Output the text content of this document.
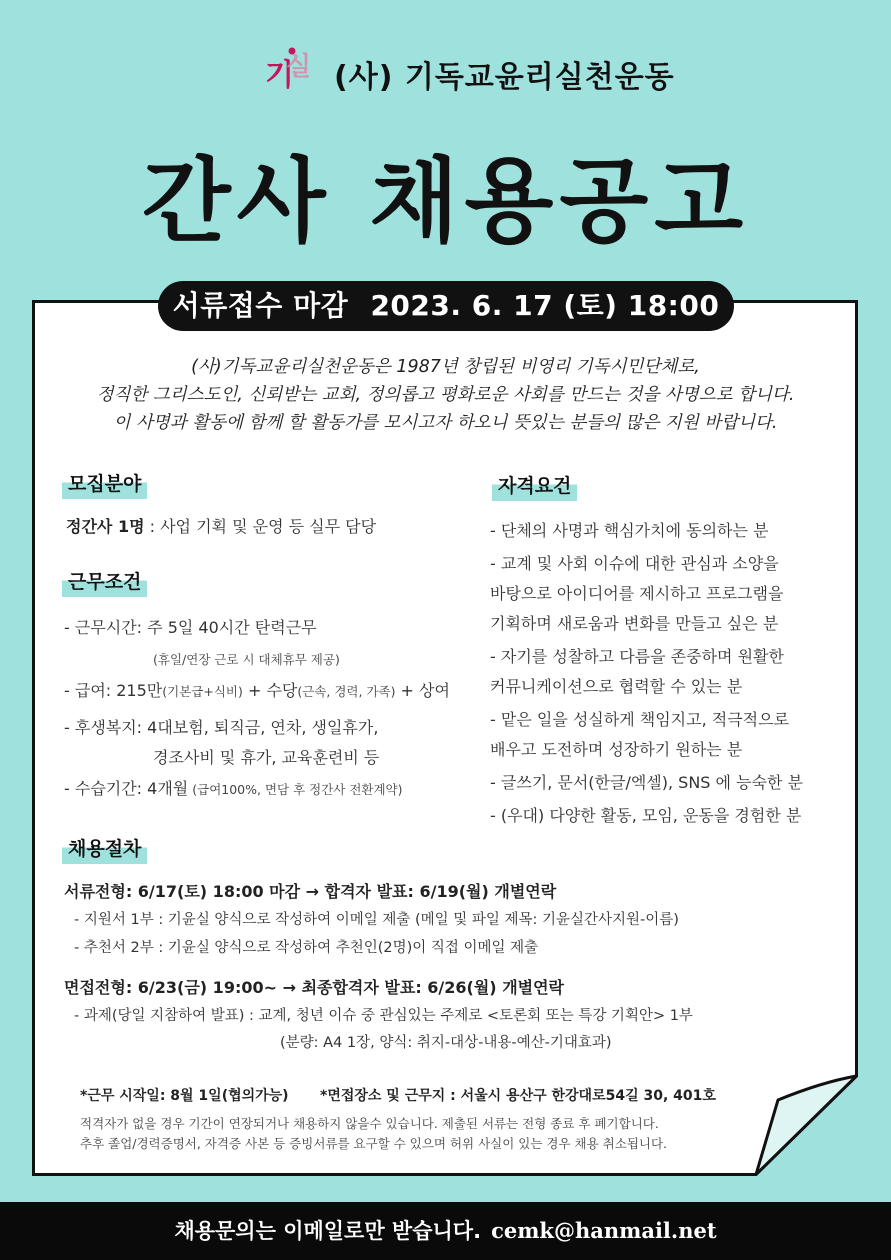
기
실 (사) 기독교윤리실천운동
간사 채용공고
서류접수 마감 2023. 6. 17 (토) 18:00
(사)기독교윤리실천운동은 1987년 창립된 비영리 기독시민단체로,
정직한 그리스도인, 신뢰받는 교회, 정의롭고 평화로운 사회를 만드는 것을 사명으로 합니다.
이 사명과 활동에 함께 할 활동가를 모시고자 하오니 뜻있는 분들의 많은 지원 바랍니다.
모집분야
정간사 1명 : 사업 기획 및 운영 등 실무 담당
근무조건
- 근무시간: 주 5일 40시간 탄력근무
(휴일/연장 근로 시 대체휴무 제공)
- 급여: 215만(기본급+식비) + 수당(근속, 경력, 가족) + 상여
- 후생복지: 4대보험, 퇴직금, 연차, 생일휴가,
경조사비 및 휴가, 교육훈련비 등
- 수습기간: 4개월 (급여100%, 면담 후 정간사 전환계약)
자격요건
- 단체의 사명과 핵심가치에 동의하는 분
- 교계 및 사회 이슈에 대한 관심과 소양을
바탕으로 아이디어를 제시하고 프로그램을
기획하며 새로움과 변화를 만들고 싶은 분
- 자기를 성찰하고 다름을 존중하며 원활한
커뮤니케이션으로 협력할 수 있는 분
- 맡은 일을 성실하게 책임지고, 적극적으로
배우고 도전하며 성장하기 원하는 분
- 글쓰기, 문서(한글/엑셀), SNS 에 능숙한 분
- (우대) 다양한 활동, 모임, 운동을 경험한 분
채용절차
서류전형: 6/17(토) 18:00 마감 → 합격자 발표: 6/19(월) 개별연락
- 지원서 1부 : 기윤실 양식으로 작성하여 이메일 제출 (메일 및 파일 제목: 기윤실간사지원-이름)
- 추천서 2부 : 기윤실 양식으로 작성하여 추천인(2명)이 직접 이메일 제출
면접전형: 6/23(금) 19:00~ → 최종합격자 발표: 6/26(월) 개별연락
- 과제(당일 지참하여 발표) : 교계, 청년 이슈 중 관심있는 주제로 <토론회 또는 특강 기획안> 1부
(분량: A4 1장, 양식: 취지-대상-내용-예산-기대효과)
*근무 시작일: 8월 1일(협의가능) *면접장소 및 근무지 : 서울시 용산구 한강대로54길 30, 401호
적격자가 없을 경우 기간이 연장되거나 채용하지 않을수 있습니다. 제출된 서류는 전형 종료 후 폐기합니다.
추후 졸업/경력증명서, 자격증 사본 등 증빙서류를 요구할 수 있으며 허위 사실이 있는 경우 채용 취소됩니다.
채용문의는 이메일로만 받습니다. cemk@hanmail.net
